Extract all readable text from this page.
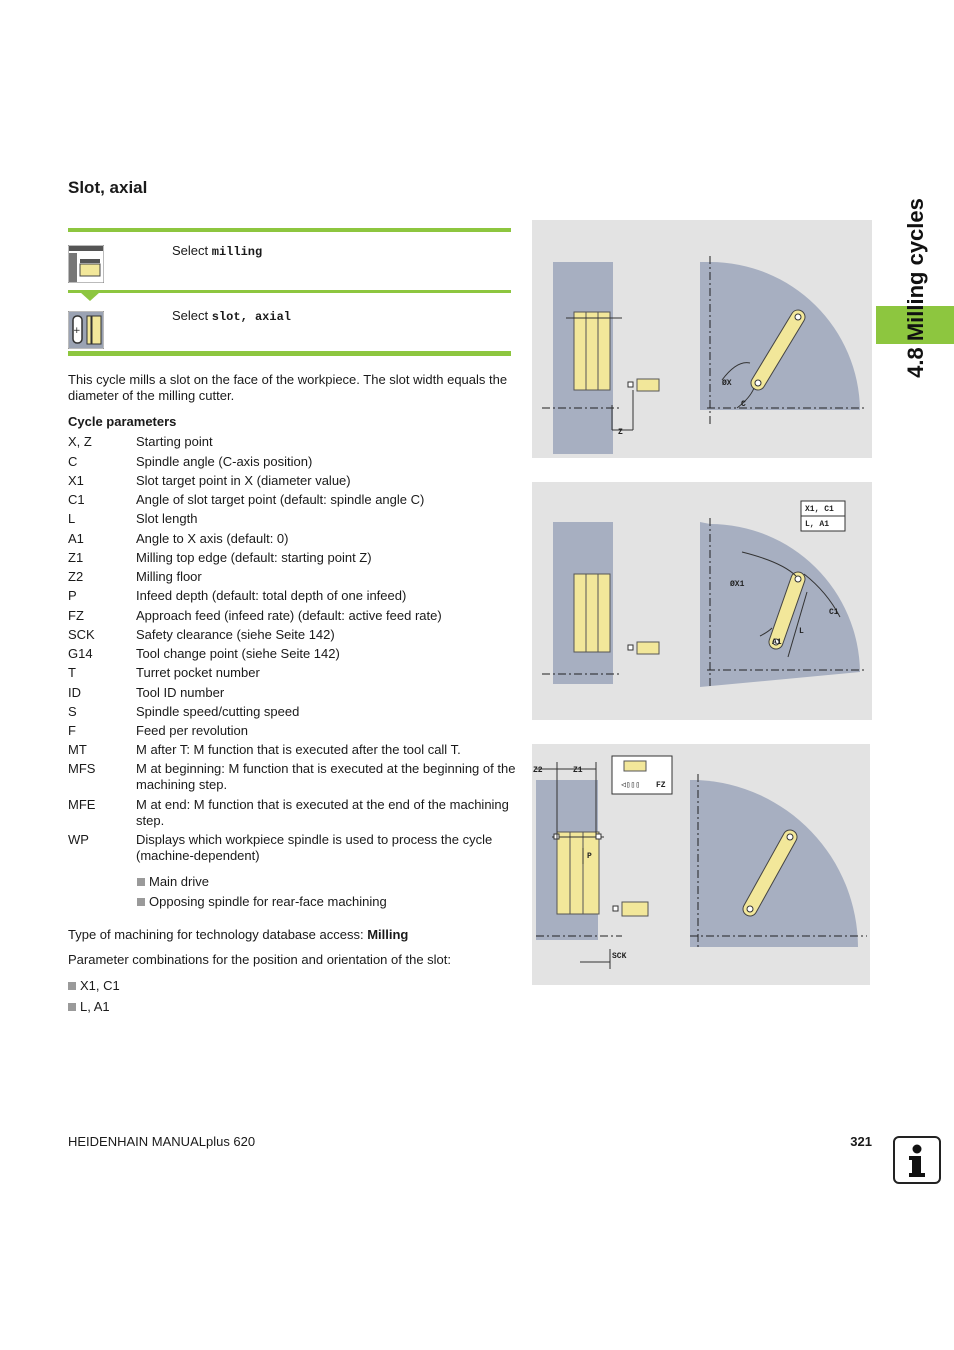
Slot, axial
Select milling
+
Select slot, axial

This cycle mills a slot on the face of the workpiece. The slot width equals the diameter of the milling cutter.

Cycle parameters
X, Z	Starting point
C	Spindle angle (C-axis position)
X1	Slot target point in X (diameter value)
C1	Angle of slot target point (default: spindle angle C)
L	Slot length
A1	Angle to X axis (default: 0)
Z1	Milling top edge (default: starting point Z)
Z2	Milling floor
P	Infeed depth (default: total depth of one infeed)
FZ	Approach feed (infeed rate) (default: active feed rate)
SCK	Safety clearance (siehe Seite 142)
G14	Tool change point (siehe Seite 142)
T	Turret pocket number
ID	Tool ID number
S	Spindle speed/cutting speed
F	Feed per revolution
MT	M after T: M function that is executed after the tool call T.
MFS	M at beginning: M function that is executed at the beginning of the machining step.
MFE	M at end: M function that is executed at the end of the machining step.
WP	Displays which workpiece spindle is used to process the cycle (machine-dependent)
Main drive
Opposing spindle for rear-face machining
Type of machining for technology database access: Milling
Parameter combinations for the position and orientation of the slot:
X1, C1
L, A1
4.8 Milling cycles
Z
ØX
C
X1, C1
L, A1
ØX1
C1
L
A1
Z2	Z1
P
SCK
◁▯▯▯ FZ
HEIDENHAIN MANUALplus 620	321
